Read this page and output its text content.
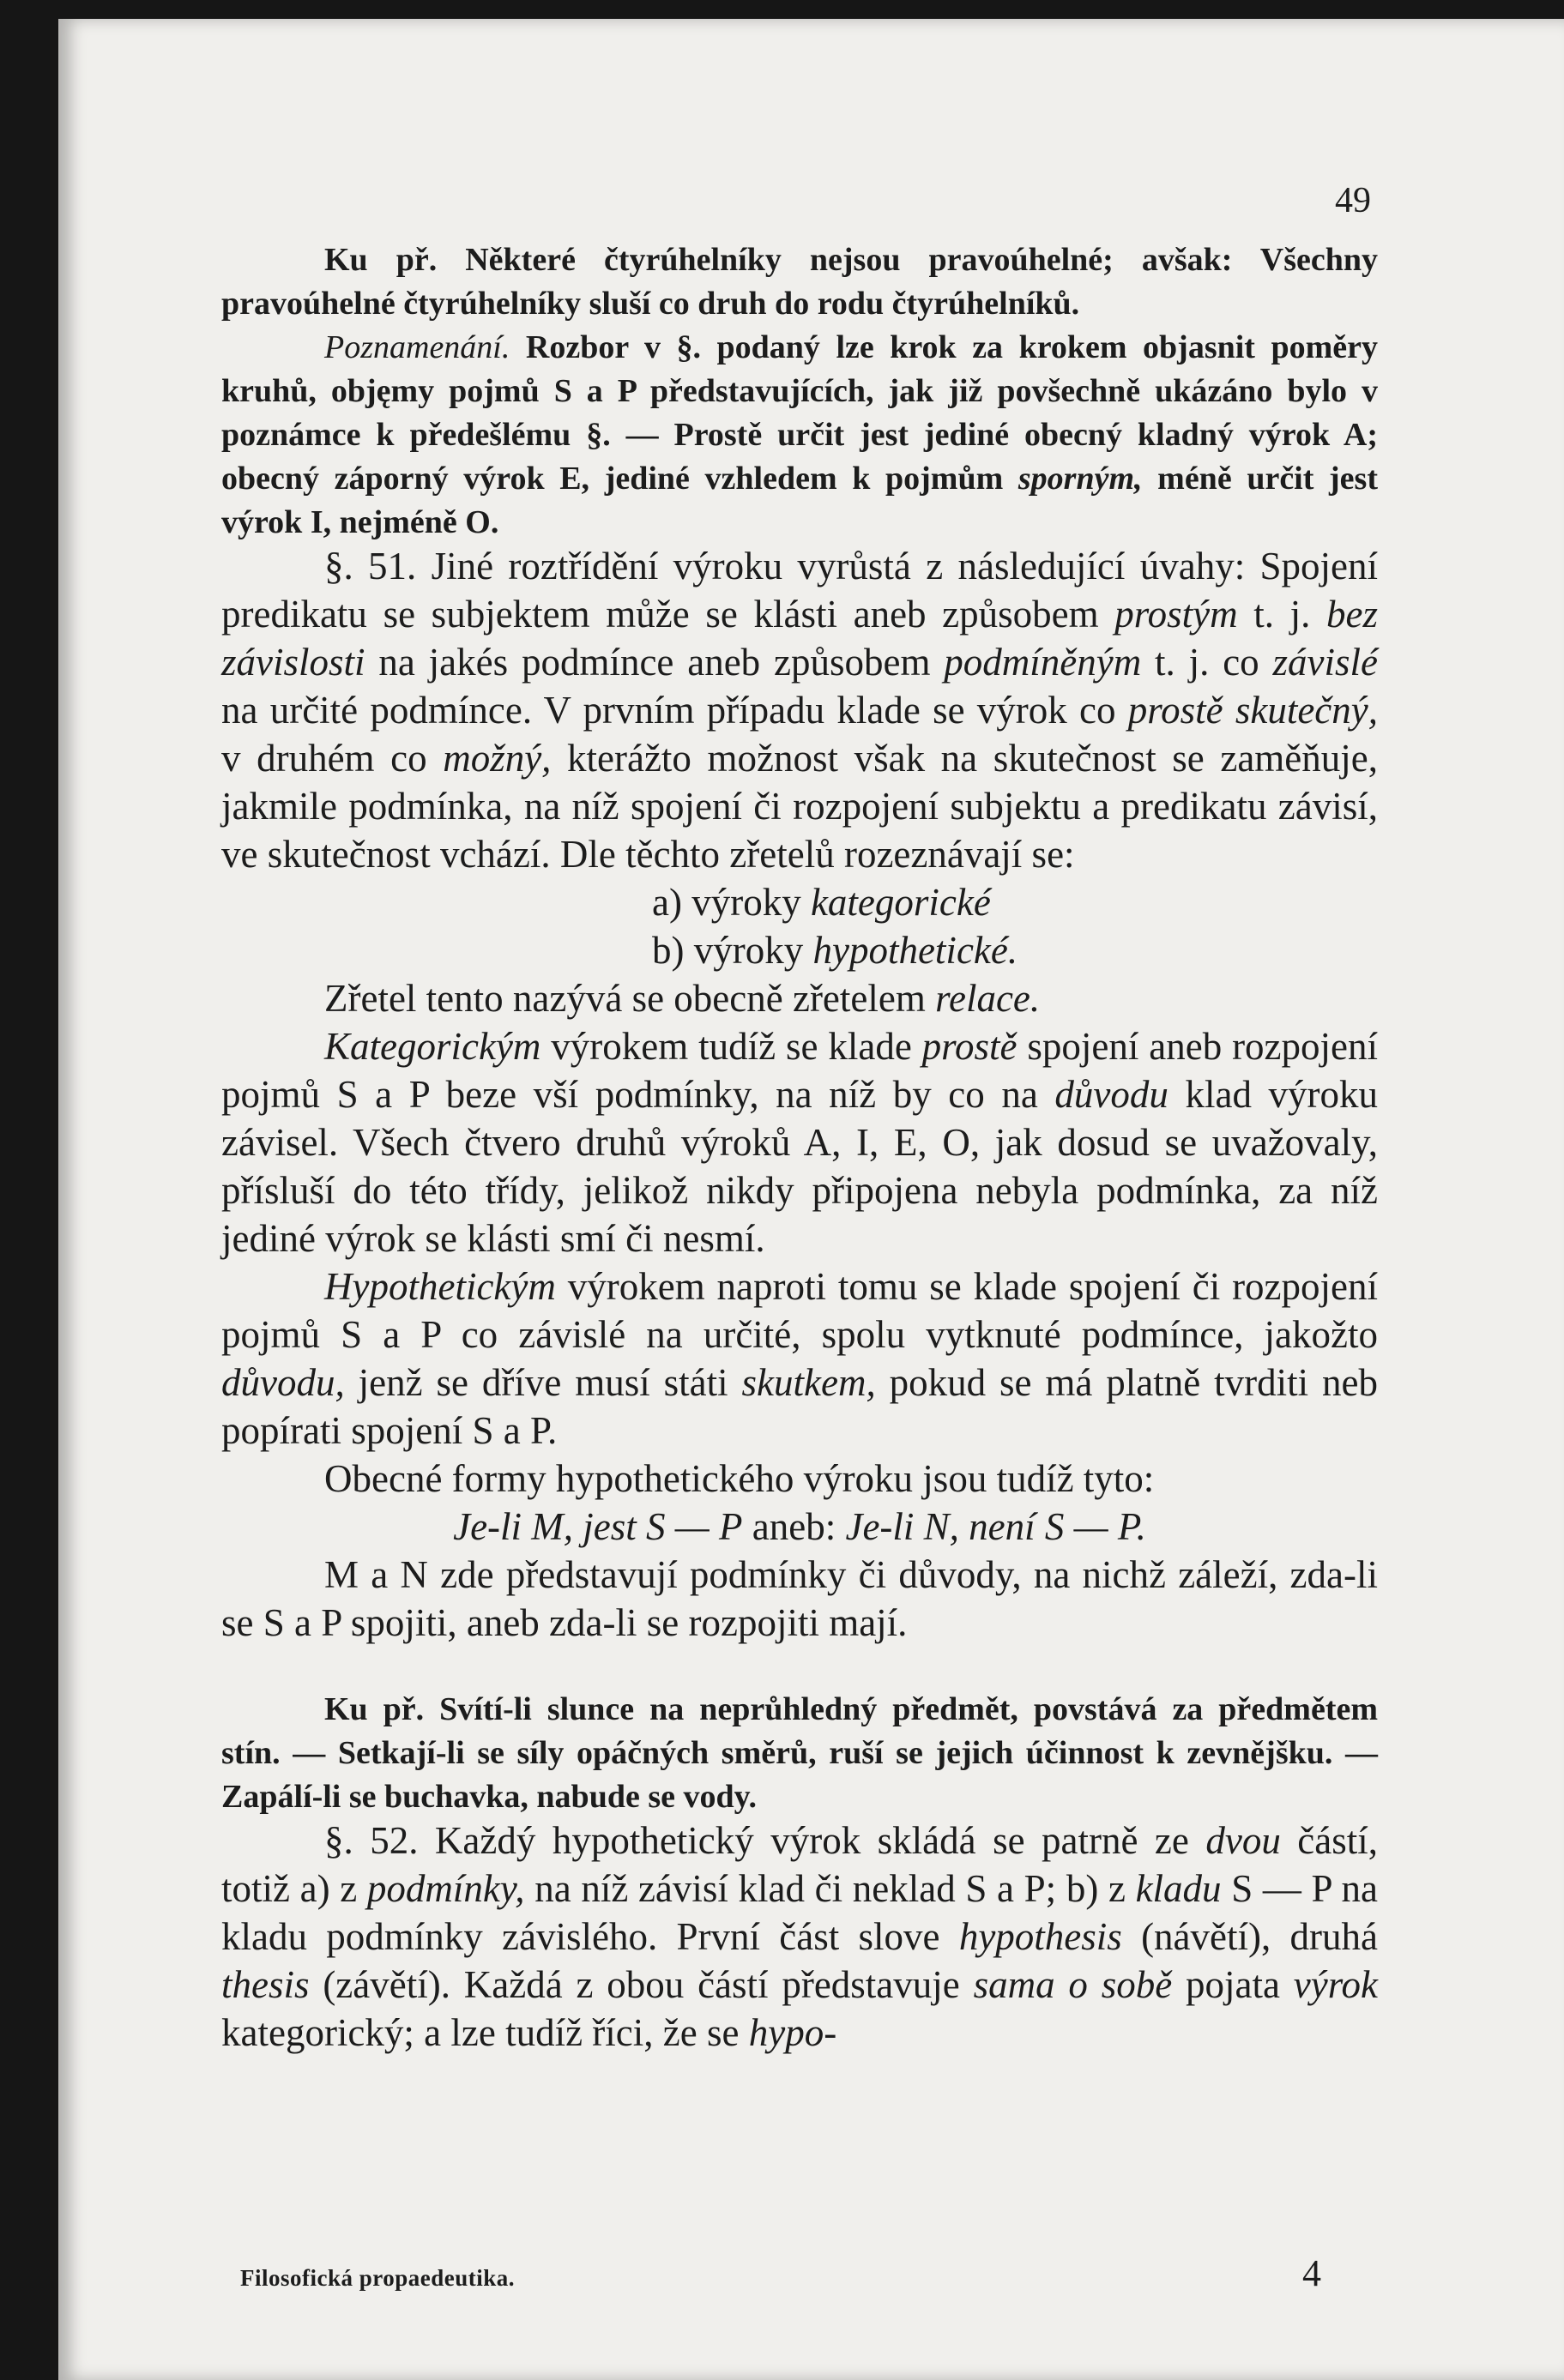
49

Ku př. Některé čtyrúhelníky nejsou pravoúhelné; avšak: Všechny pravoúhelné čtyrúhelníky sluší co druh do rodu čtyrúhelníků.

Poznamenání. Rozbor v §. podaný lze krok za krokem objasnit poměry kruhů, objęmy pojmů S a P představujících, jak již povšechně ukázáno bylo v poznámce k předešlému §. — Prostě určit jest jediné obecný kladný výrok A; obecný záporný výrok E, jediné vzhledem k pojmům sporným, méně určit jest výrok I, nejméně O.

§. 51. Jiné roztřídění výroku vyrůstá z následující úvahy: Spojení predikatu se subjektem může se klásti aneb způsobem prostým t. j. bez závislosti na jakés podmínce aneb způsobem podmíněným t. j. co závislé na určité podmínce. V prvním případu klade se výrok co prostě skutečný, v druhém co možný, kterážto možnost však na skutečnost se zaměňuje, jakmile podmínka, na níž spojení či rozpojení subjektu a predikatu závisí, ve skutečnost vchází. Dle těchto zřetelů rozeznávají se:

a) výroky kategorické

b) výroky hypothetické.

Zřetel tento nazývá se obecně zřetelem relace.

Kategorickým výrokem tudíž se klade prostě spojení aneb rozpojení pojmů S a P beze vší podmínky, na níž by co na důvodu klad výroku závisel. Všech čtvero druhů výroků A, I, E, O, jak dosud se uvažovaly, přísluší do této třídy, jelikož nikdy připojena nebyla podmínka, za níž jediné výrok se klásti smí či nesmí.

Hypothetickým výrokem naproti tomu se klade spojení či rozpojení pojmů S a P co závislé na určité, spolu vytknuté podmínce, jakožto důvodu, jenž se dříve musí státi skutkem, pokud se má platně tvrditi neb popírati spojení S a P.

Obecné formy hypothetického výroku jsou tudíž tyto:

Je-li M, jest S — P aneb: Je-li N, není S — P.

M a N zde představují podmínky či důvody, na nichž záleží, zda-li se S a P spojiti, aneb zda-li se rozpojiti mají.

Ku př. Svítí-li slunce na neprůhledný předmět, povstává za předmětem stín. — Setkají-li se síly opáčných směrů, ruší se jejich účinnost k zevnějšku. — Zapálí-li se buchavka, nabude se vody.

§. 52. Každý hypothetický výrok skládá se patrně ze dvou částí, totiž a) z podmínky, na níž závisí klad či neklad S a P; b) z kladu S — P na kladu podmínky závislého. První část slove hypothesis (návětí), druhá thesis (závětí). Každá z obou částí představuje sama o sobě pojata výrok kategorický; a lze tudíž říci, že se hypo-

Filosofická propaedeutika.	4
